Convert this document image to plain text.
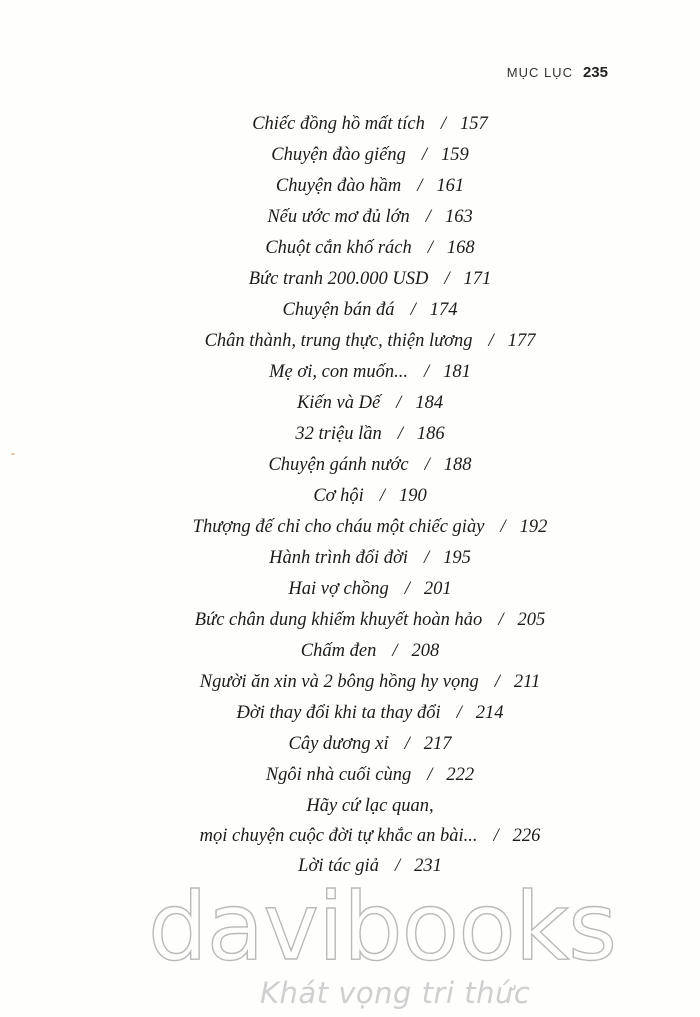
MỤC LỤC 235
Chiếc đồng hồ mất tích / 157
Chuyện đào giếng / 159
Chuyện đào hầm / 161
Nếu ước mơ đủ lớn / 163
Chuột cắn khố rách / 168
Bức tranh 200.000 USD / 171
Chuyện bán đá / 174
Chân thành, trung thực, thiện lương / 177
Mẹ ơi, con muốn... / 181
Kiến và Dế / 184
32 triệu lần / 186
Chuyện gánh nước / 188
Cơ hội / 190
Thượng đế chỉ cho cháu một chiếc giày / 192
Hành trình đổi đời / 195
Hai vợ chồng / 201
Bức chân dung khiếm khuyết hoàn hảo / 205
Chấm đen / 208
Người ăn xin và 2 bông hồng hy vọng / 211
Đời thay đổi khi ta thay đổi / 214
Cây dương xỉ / 217
Ngôi nhà cuối cùng / 222
Hãy cứ lạc quan,
mọi chuyện cuộc đời tự khắc an bài... / 226
Lời tác giả / 231
davibooks
Khát vọng tri thức
